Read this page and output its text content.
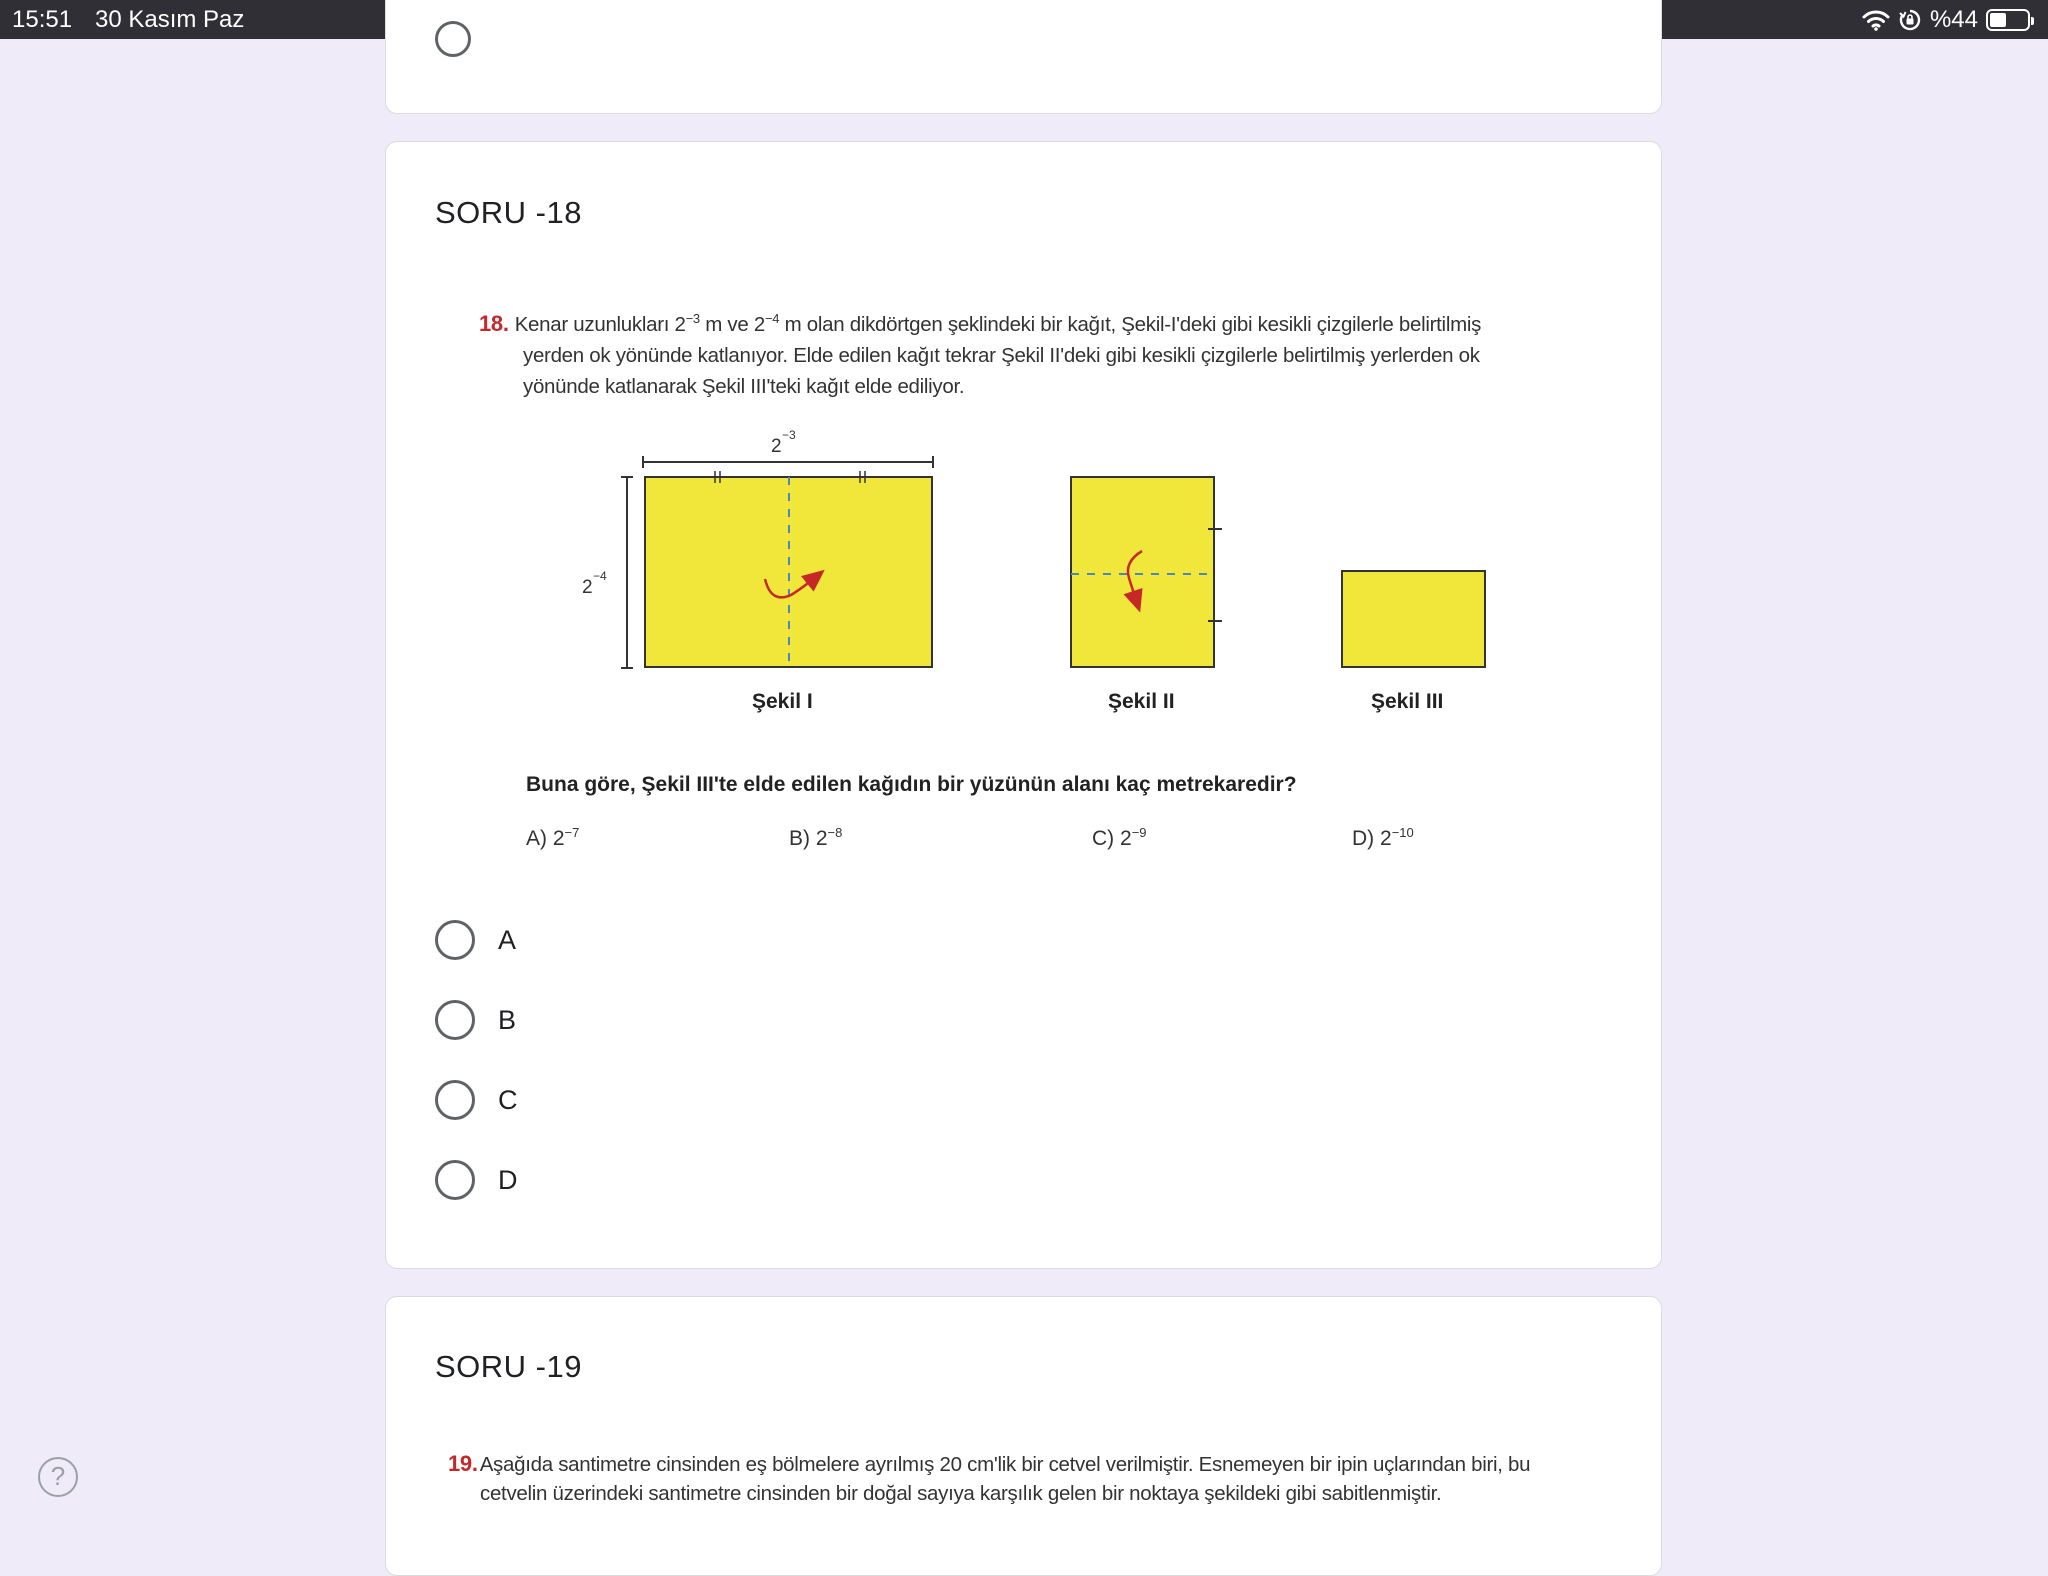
15:51 30 Kasım Paz	%44
SORU -18
18. Kenar uzunlukları $2^{-3}$ m ve $2^{-4}$ m olan dikdörtgen şeklindeki bir kağıt, Şekil-I'deki gibi kesikli çizgilerle belirtilmiş
yerden ok yönünde katlanıyor. Elde edilen kağıt tekrar Şekil II'deki gibi kesikli çizgilerle belirtilmiş yerlerden ok
yönünde katlanarak Şekil III'teki kağıt elde ediliyor.
2
−3
2
−4
Şekil I	Şekil II	Şekil III
Buna göre, Şekil III'te elde edilen kağıdın bir yüzünün alanı kaç metrekaredir?
A) $2^{-7}$	B) $2^{-8}$	C) $2^{-9}$	D) $2^{-10}$
A
B
C
D
SORU -19
19.Aşağıda santimetre cinsinden eş bölmelere ayrılmış 20 cm'lik bir cetvel verilmiştir. Esnemeyen bir ipin uçlarından biri, bu
cetvelin üzerindeki santimetre cinsinden bir doğal sayıya karşılık gelen bir noktaya şekildeki gibi sabitlenmiştir.
?
